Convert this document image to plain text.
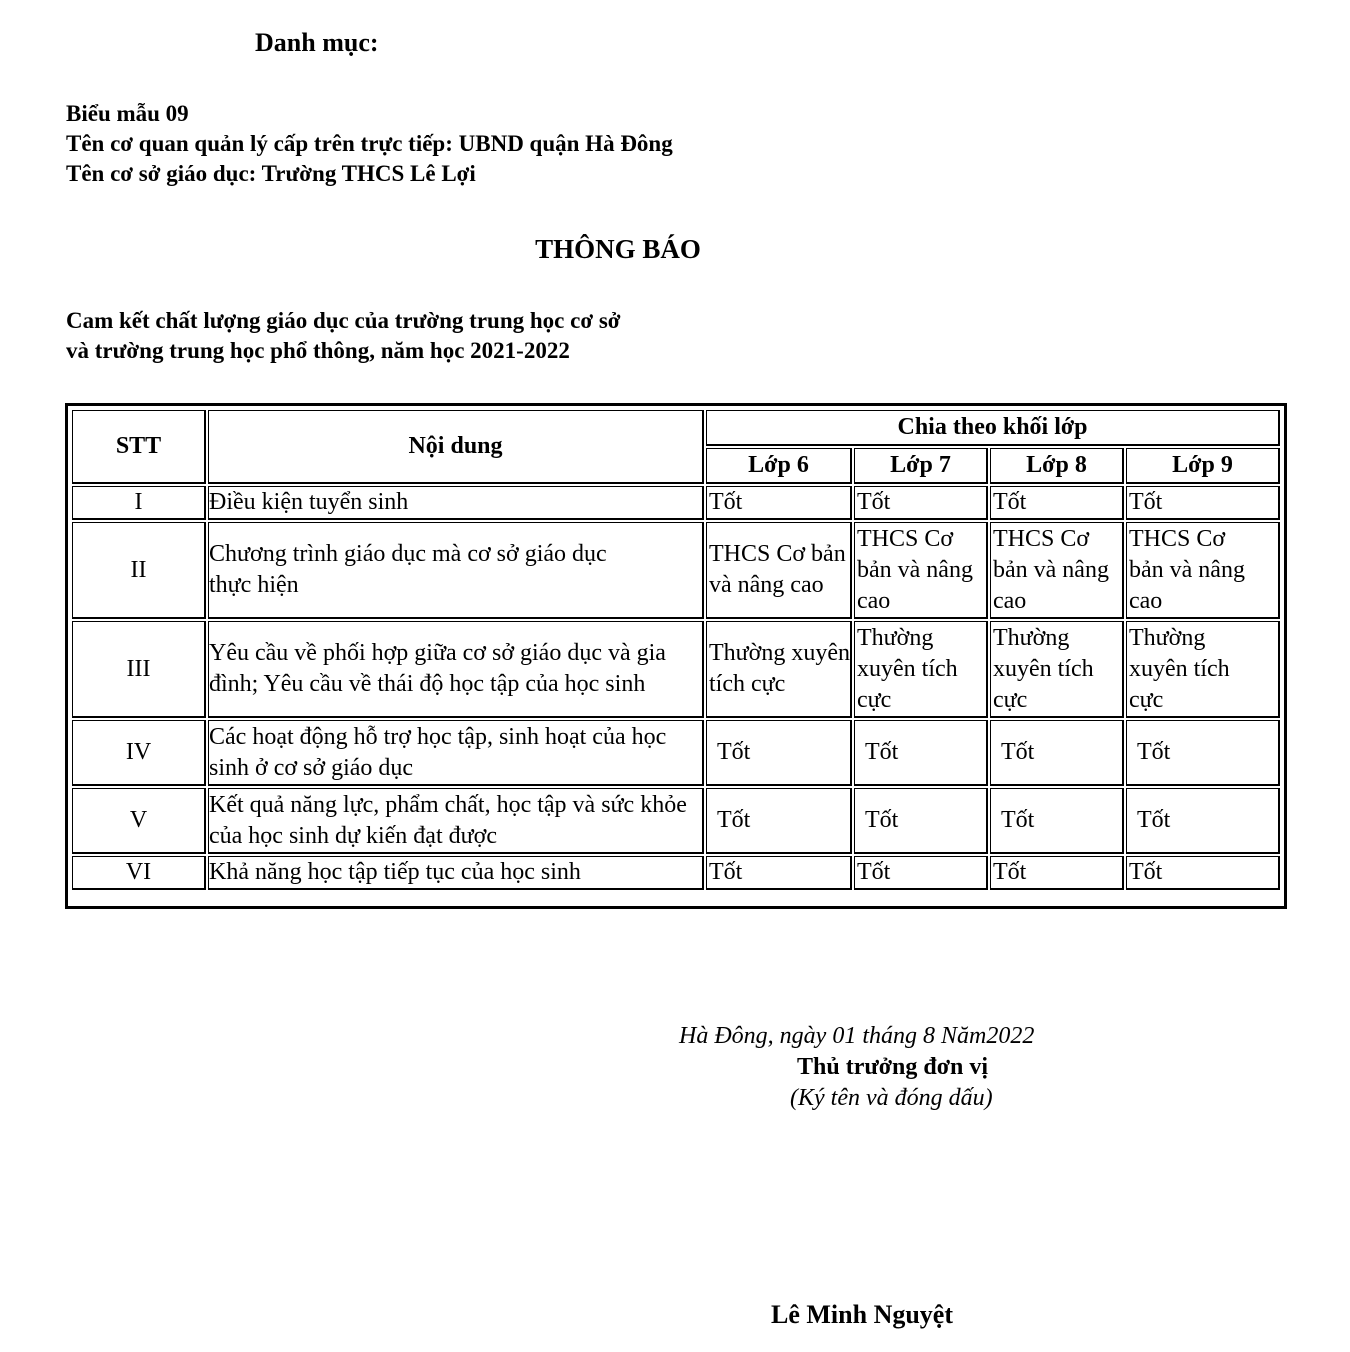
Danh mục:
Biểu mẫu 09
Tên cơ quan quản lý cấp trên trực tiếp: UBND quận Hà Đông
Tên cơ sở giáo dục: Trường THCS Lê Lợi
THÔNG BÁO
Cam kết chất lượng giáo dục của trường trung học cơ sở
và trường trung học phổ thông, năm học 2021-2022
STT	Nội dung	Chia theo khối lớp			
		Lớp 6	Lớp 7	Lớp 8	Lớp 9
I	Điều kiện tuyển sinh	Tốt	Tốt	Tốt	Tốt
II	Chương trình giáo dục mà cơ sở giáo dục thực hiện	THCS Cơ bản và nâng cao	THCS Cơ bản và nâng cao	THCS Cơ bản và nâng cao	THCS Cơ bản và nâng cao
III	Yêu cầu về phối hợp giữa cơ sở giáo dục và gia đình; Yêu cầu về thái độ học tập của học sinh	Thường xuyên tích cực	Thường xuyên tích cực	Thường xuyên tích cực	Thường xuyên tích cực
IV	Các hoạt động hỗ trợ học tập, sinh hoạt của học sinh ở cơ sở giáo dục	Tốt	Tốt	Tốt	Tốt
V	Kết quả năng lực, phẩm chất, học tập và sức khỏe của học sinh dự kiến đạt được	Tốt	Tốt	Tốt	Tốt
VI	Khả năng học tập tiếp tục của học sinh	Tốt	Tốt	Tốt	Tốt
Hà Đông, ngày 01 tháng 8 Năm2022
Thủ trưởng đơn vị
(Ký tên và đóng dấu)
Lê Minh Nguyệt
